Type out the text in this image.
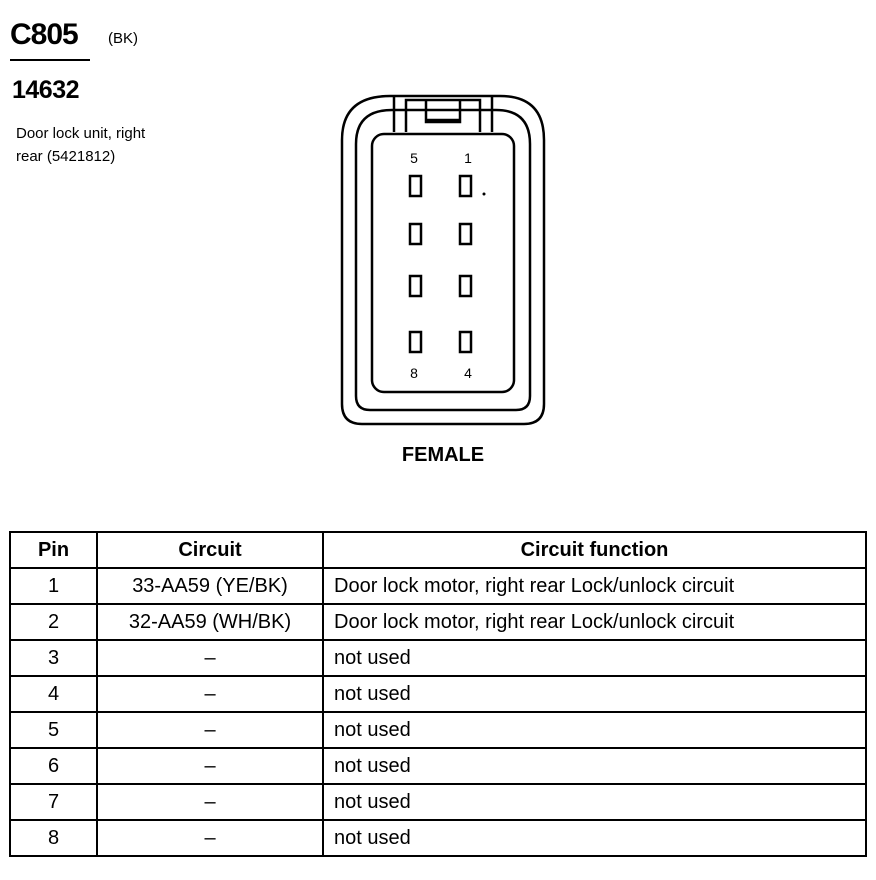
C805 (BK)
14632
Door lock unit, right
rear (5421812)	5	1
8	4
FEMALE
Pin	Circuit	Circuit function
1	33-AA59 (YE/BK)	Door lock motor, right rear Lock/unlock circuit
2	32-AA59 (WH/BK)	Door lock motor, right rear Lock/unlock circuit
3	–	not used
4	–	not used
5	–	not used
6	–	not used
7	–	not used
8	–	not used
